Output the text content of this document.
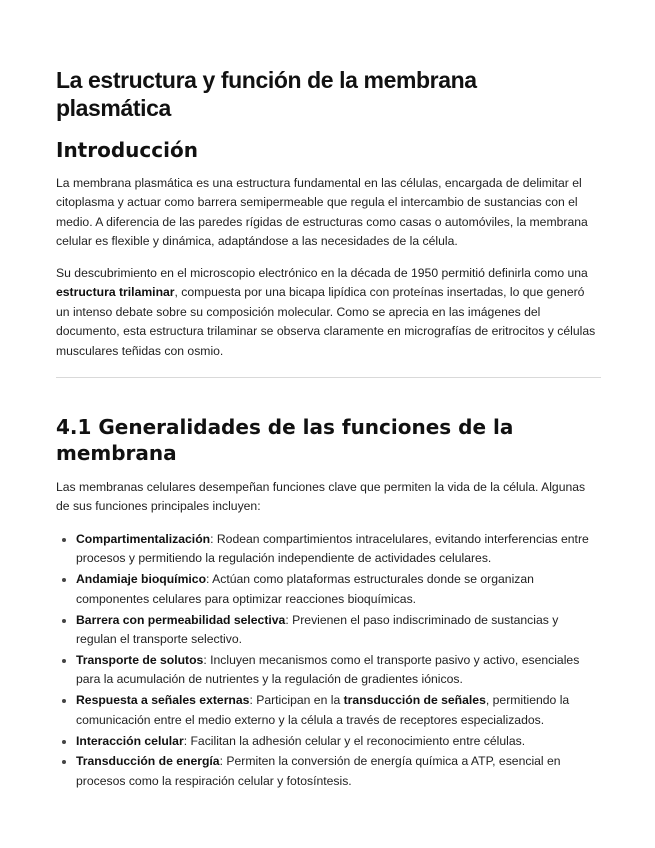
La estructura y función de la membrana plasmática
Introducción

La membrana plasmática es una estructura fundamental en las células, encargada de delimitar el citoplasma y actuar como barrera semipermeable que regula el intercambio de sustancias con el medio. A diferencia de las paredes rígidas de estructuras como casas o automóviles, la membrana celular es flexible y dinámica, adaptándose a las necesidades de la célula.

Su descubrimiento en el microscopio electrónico en la década de 1950 permitió definirla como una estructura trilaminar, compuesta por una bicapa lipídica con proteínas insertadas, lo que generó un intenso debate sobre su composición molecular. Como se aprecia en las imágenes del documento, esta estructura trilaminar se observa claramente en micrografías de eritrocitos y células musculares teñidas con osmio.

4.1 Generalidades de las funciones de la membrana

Las membranas celulares desempeñan funciones clave que permiten la vida de la célula. Algunas de sus funciones principales incluyen:

Compartimentalización: Rodean compartimientos intracelulares, evitando interferencias entre procesos y permitiendo la regulación independiente de actividades celulares.
Andamiaje bioquímico: Actúan como plataformas estructurales donde se organizan componentes celulares para optimizar reacciones bioquímicas.
Barrera con permeabilidad selectiva: Previenen el paso indiscriminado de sustancias y regulan el transporte selectivo.
Transporte de solutos: Incluyen mecanismos como el transporte pasivo y activo, esenciales para la acumulación de nutrientes y la regulación de gradientes iónicos.
Respuesta a señales externas: Participan en la transducción de señales, permitiendo la comunicación entre el medio externo y la célula a través de receptores especializados.
Interacción celular: Facilitan la adhesión celular y el reconocimiento entre células.
Transducción de energía: Permiten la conversión de energía química a ATP, esencial en procesos como la respiración celular y fotosíntesis.
